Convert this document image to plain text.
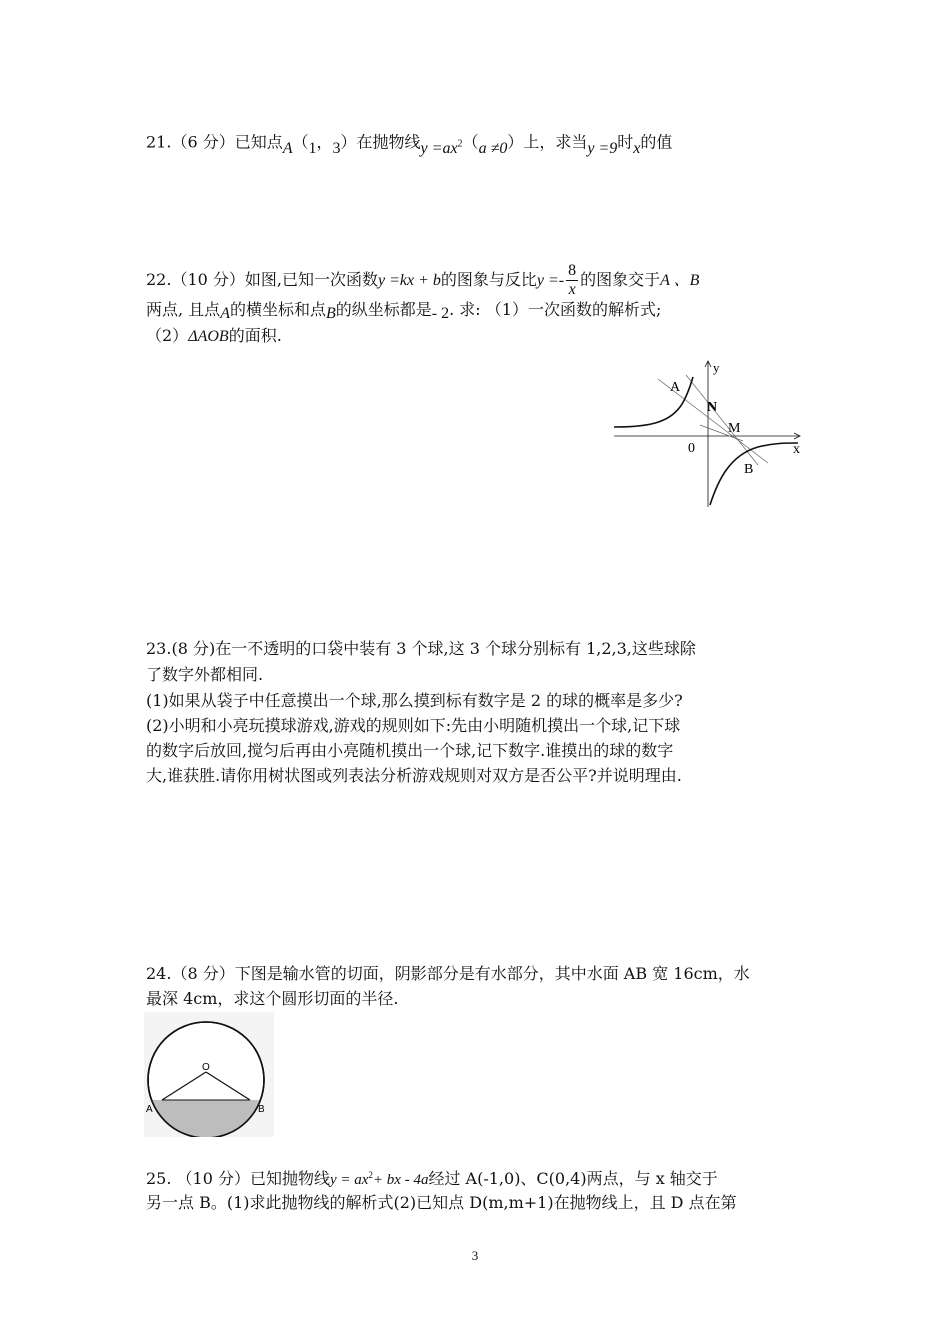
21.（6 分）已知点A（1，3）在抛物线$y =ax^2(a \ne 0)$上，求当y =9时x的值
22.（10 分）如图,已知一次函数y =kx + b的图象与反比$y =- \frac{8}{x}$ 的图象交于A 、B
两点, 且点A的横坐标和点B的纵坐标都是- 2. 求: （1）一次函数的解析式;
（2）ΔAOB的面积.
y
A
N
M
0	x
B
23.(8 分)在一不透明的口袋中装有 3 个球,这 3 个球分别标有 1,2,3,这些球除
了数字外都相同.
(1)如果从袋子中任意摸出一个球,那么摸到标有数字是 2 的球的概率是多少?
(2)小明和小亮玩摸球游戏,游戏的规则如下:先由小明随机摸出一个球,记下球
的数字后放回,搅匀后再由小亮随机摸出一个球,记下数字.谁摸出的球的数字
大,谁获胜.请你用树状图或列表法分析游戏规则对双方是否公平?并说明理由.
24.（8 分）下图是输水管的切面，阴影部分是有水部分，其中水面 AB 宽 16cm，水
最深 4cm，求这个圆形切面的半径.
O
A	B
25. （10 分）已知抛物线$y = ax^2+$ bx - 4a经过 A(-1,0)、C(0,4)两点，与 x 轴交于
另一点 B。(1)求此抛物线的解析式(2)已知点 D(m,m+1)在抛物线上，且 D 点在第
3
